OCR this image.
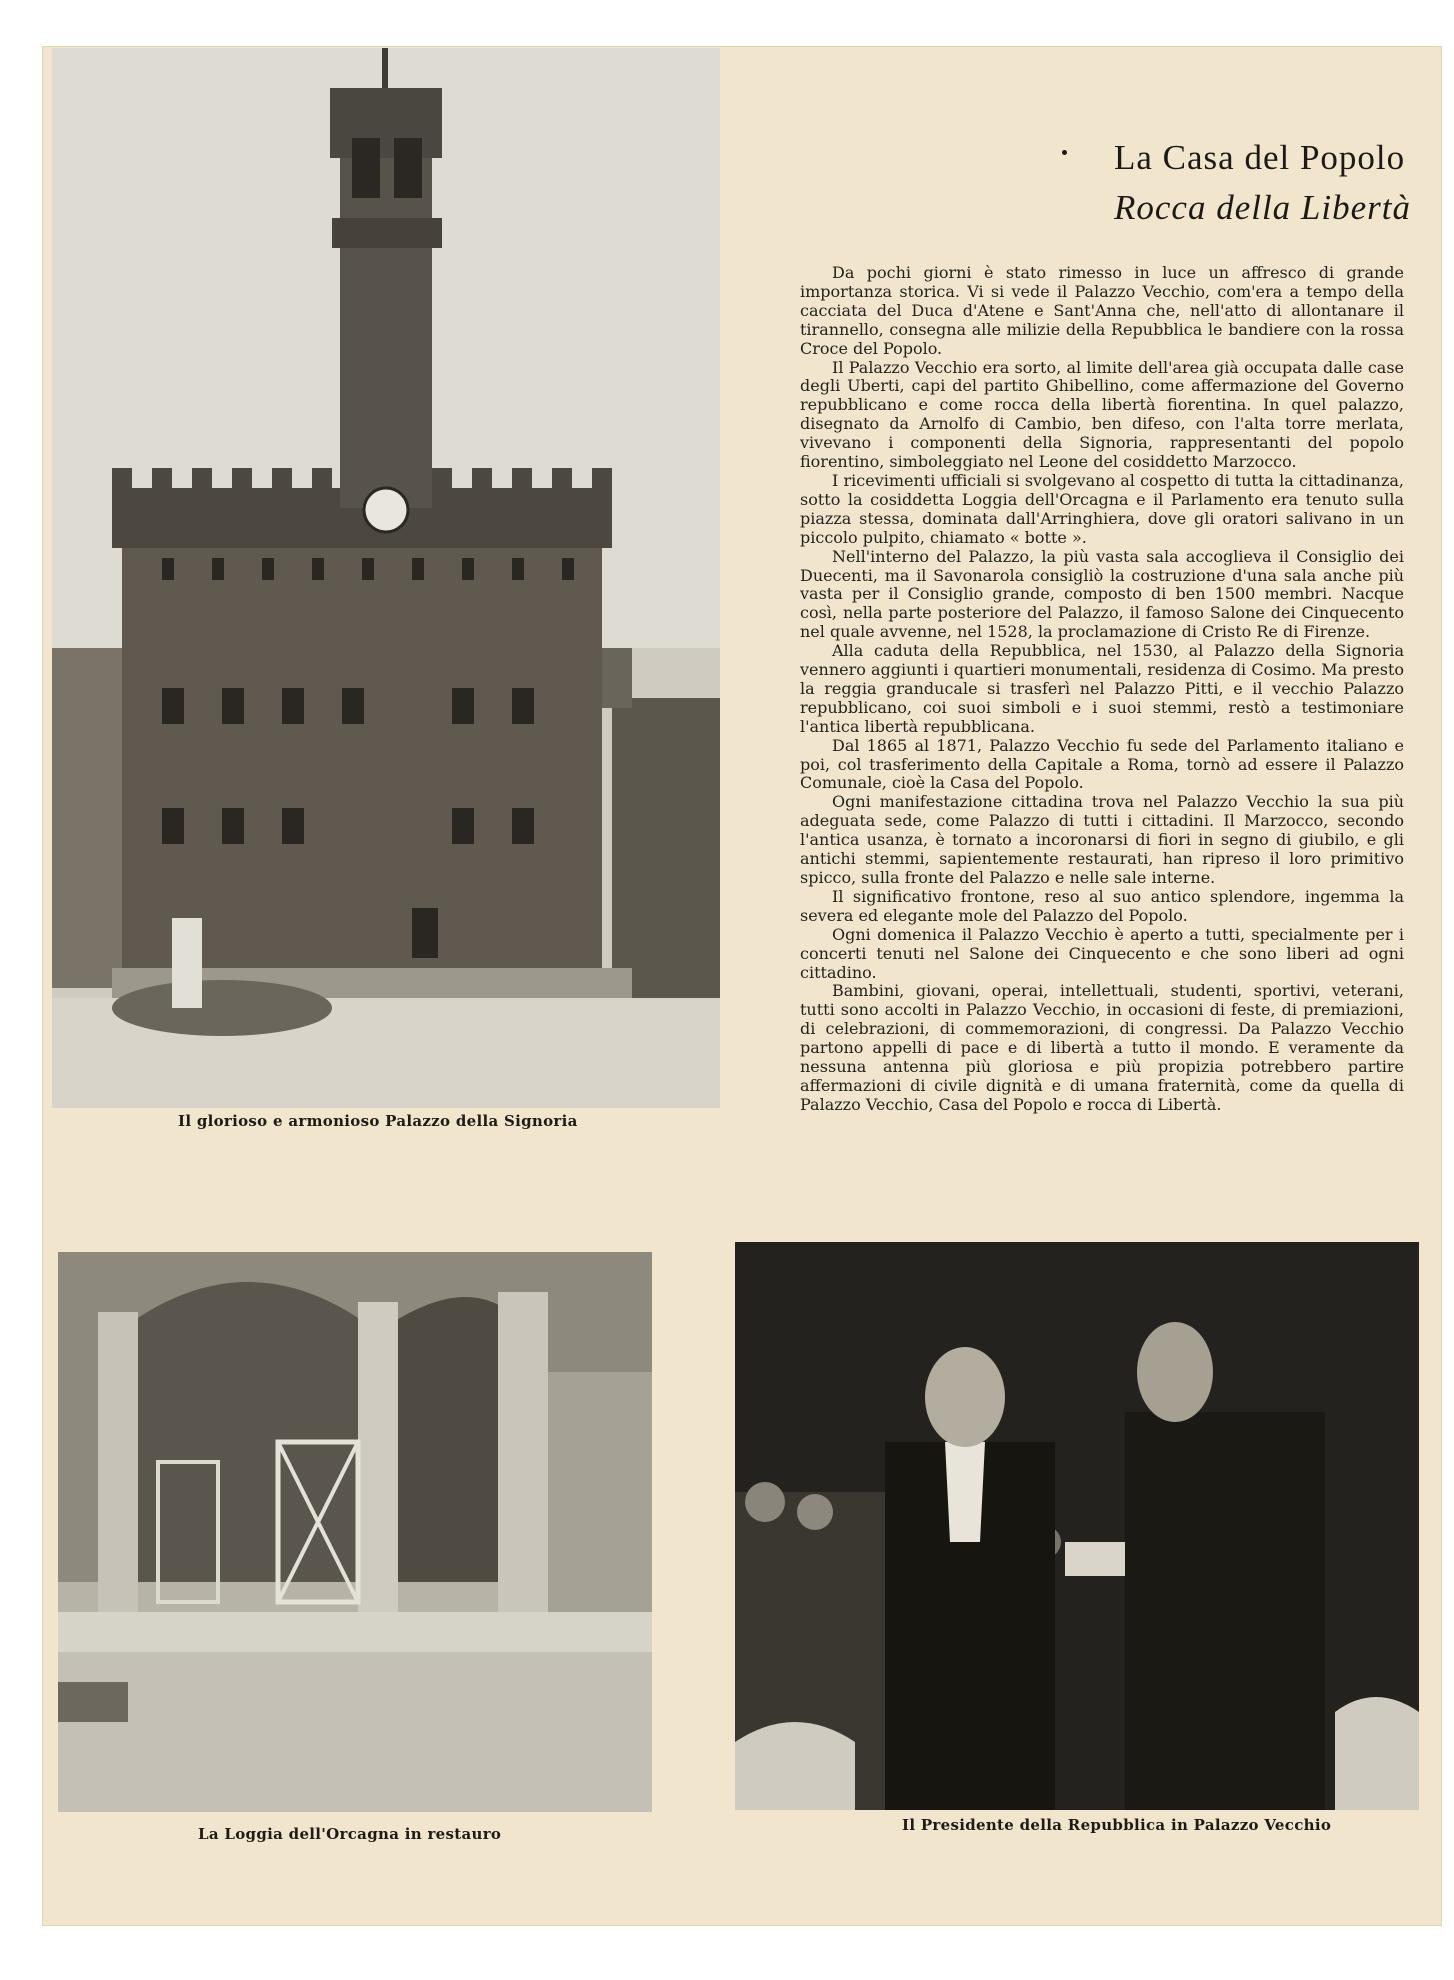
Il glorioso e armonioso Palazzo della Signoria
La Casa del Popolo
Rocca della Libertà

Da pochi giorni è stato rimesso in luce un affresco di grande importanza storica. Vi si vede il Palazzo Vecchio, com'era a tempo della cacciata del Duca d'Atene e Sant'Anna che, nell'atto di allontanare il tirannello, consegna alle milizie della Repubblica le bandiere con la rossa Croce del Popolo.

Il Palazzo Vecchio era sorto, al limite dell'area già occupata dalle case degli Uberti, capi del partito Ghibellino, come affermazione del Governo repubblicano e come rocca della libertà fiorentina. In quel palazzo, disegnato da Arnolfo di Cambio, ben difeso, con l'alta torre merlata, vivevano i componenti della Signoria, rappresentanti del popolo fiorentino, simboleggiato nel Leone del cosiddetto Marzocco.

I ricevimenti ufficiali si svolgevano al cospetto di tutta la cittadinanza, sotto la cosiddetta Loggia dell'Orcagna e il Parlamento era tenuto sulla piazza stessa, dominata dall'Arringhiera, dove gli oratori salivano in un piccolo pulpito, chiamato « botte ».

Nell'interno del Palazzo, la più vasta sala accoglieva il Consiglio dei Duecenti, ma il Savonarola consigliò la costruzione d'una sala anche più vasta per il Consiglio grande, composto di ben 1500 membri. Nacque così, nella parte posteriore del Palazzo, il famoso Salone dei Cinquecento nel quale avvenne, nel 1528, la proclamazione di Cristo Re di Firenze.

Alla caduta della Repubblica, nel 1530, al Palazzo della Signoria vennero aggiunti i quartieri monumentali, residenza di Cosimo. Ma presto la reggia granducale si trasferì nel Palazzo Pitti, e il vecchio Palazzo repubblicano, coi suoi simboli e i suoi stemmi, restò a testimoniare l'antica libertà repubblicana.

Dal 1865 al 1871, Palazzo Vecchio fu sede del Parlamento italiano e poi, col trasferimento della Capitale a Roma, tornò ad essere il Palazzo Comunale, cioè la Casa del Popolo.

Ogni manifestazione cittadina trova nel Palazzo Vecchio la sua più adeguata sede, come Palazzo di tutti i cittadini. Il Marzocco, secondo l'antica usanza, è tornato a incoronarsi di fiori in segno di giubilo, e gli antichi stemmi, sapientemente restaurati, han ripreso il loro primitivo spicco, sulla fronte del Palazzo e nelle sale interne.

Il significativo frontone, reso al suo antico splendore, ingemma la severa ed elegante mole del Palazzo del Popolo.

Ogni domenica il Palazzo Vecchio è aperto a tutti, specialmente per i concerti tenuti nel Salone dei Cinquecento e che sono liberi ad ogni cittadino.

Bambini, giovani, operai, intellettuali, studenti, sportivi, veterani, tutti sono accolti in Palazzo Vecchio, in occasioni di feste, di premiazioni, di celebrazioni, di commemorazioni, di congressi. Da Palazzo Vecchio partono appelli di pace e di libertà a tutto il mondo. E veramente da nessuna antenna più gloriosa e più propizia potrebbero partire affermazioni di civile dignità e di umana fraternità, come da quella di Palazzo Vecchio, Casa del Popolo e rocca di Libertà.

La Loggia dell'Orcagna in restauro	Il Presidente della Repubblica in Palazzo Vecchio
